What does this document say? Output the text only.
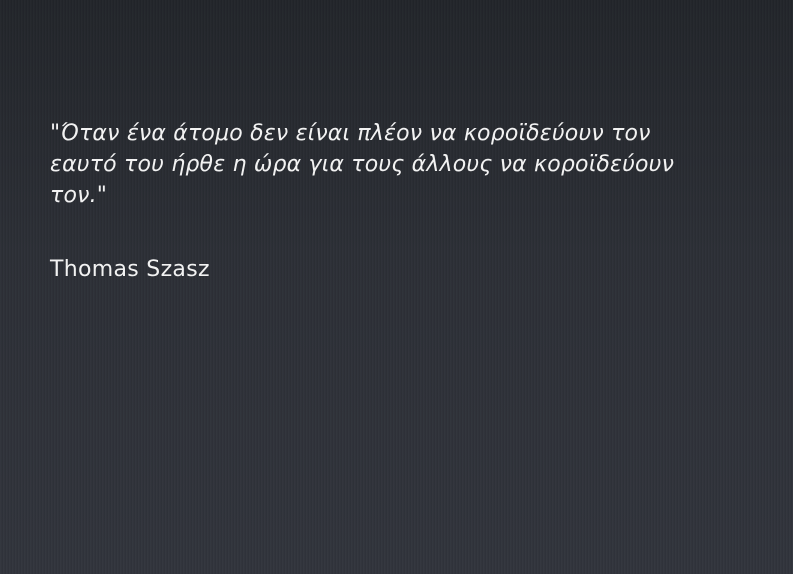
"Όταν ένα άτομο δεν είναι πλέον να κοροϊδεύουν τον εαυτό του ήρθε η ώρα για τους άλλους να κοροϊδεύουν τον."

Thomas Szasz
